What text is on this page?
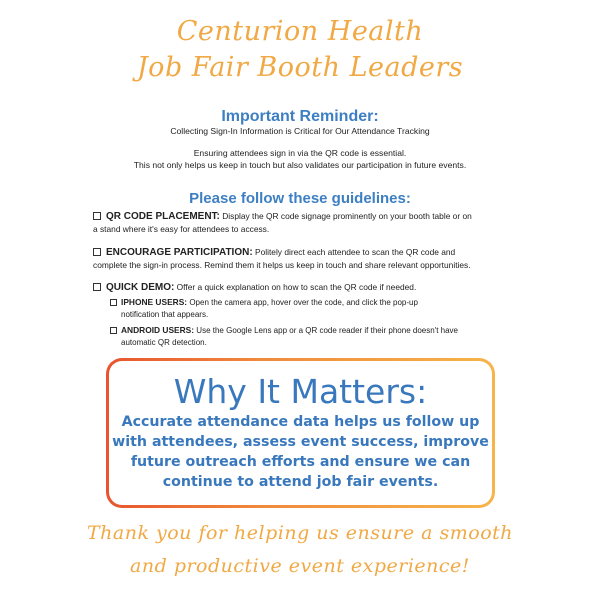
Centurion Health
Job Fair Booth Leaders
Important Reminder:
Collecting Sign-In Information is Critical for Our Attendance Tracking
Ensuring attendees sign in via the QR code is essential.
This not only helps us keep in touch but also validates our participation in future events.
Please follow these guidelines:
QR CODE PLACEMENT: Display the QR code signage prominently on your booth table or on
a stand where it's easy for attendees to access.
ENCOURAGE PARTICIPATION: Politely direct each attendee to scan the QR code and
complete the sign-in process. Remind them it helps us keep in touch and share relevant opportunities.
QUICK DEMO: Offer a quick explanation on how to scan the QR code if needed.
IPHONE USERS: Open the camera app, hover over the code, and click the pop-up
notification that appears.
ANDROID USERS: Use the Google Lens app or a QR code reader if their phone doesn't have
automatic QR detection.
Why It Matters:
Accurate attendance data helps us follow up
with attendees, assess event success, improve
future outreach efforts and ensure we can
continue to attend job fair events.
Thank you for helping us ensure a smooth
and productive event experience!
